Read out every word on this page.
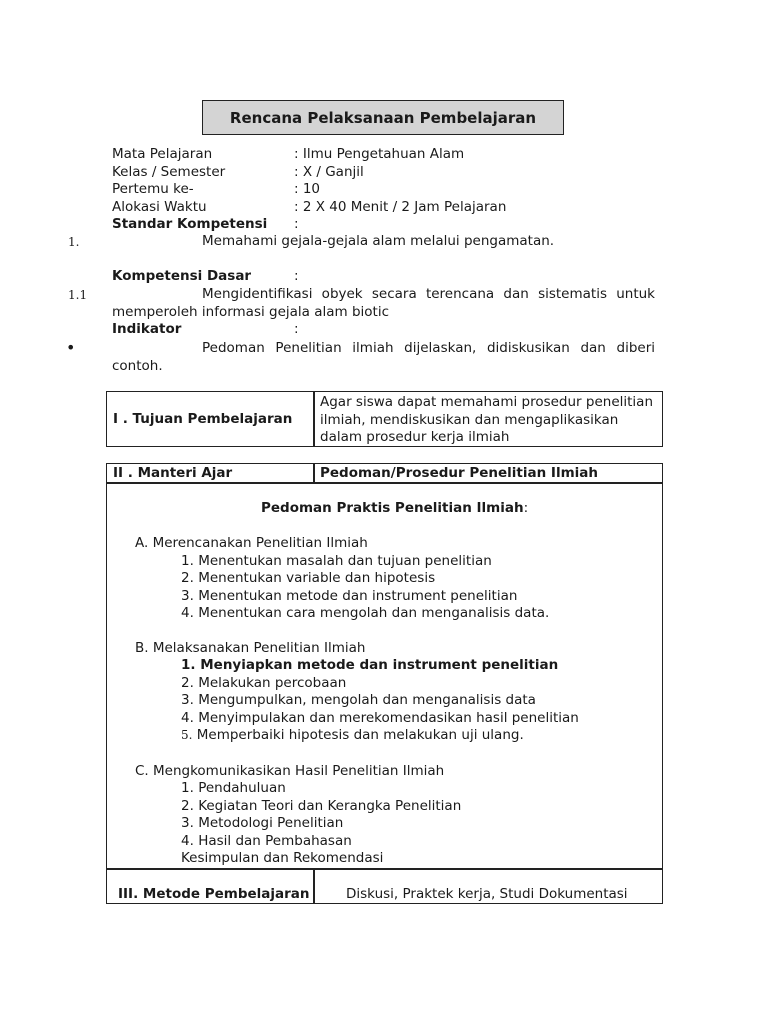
Rencana Pelaksanaan Pembelajaran
Mata Pelajaran	: Ilmu Pengetahuan Alam
Kelas / Semester	: X / Ganjil
Pertemu ke-	: 10
Alokasi Waktu	: 2 X 40 Menit / 2 Jam Pelajaran
Standar Kompetensi :
1.	Memahami gejala-gejala alam melalui pengamatan.
Kompetensi Dasar	:
1.1	Mengidentifikasi obyek secara terencana dan sistematis untuk
memperoleh informasi gejala alam biotic
Indikator	:
•	Pedoman Penelitian ilmiah dijelaskan, didiskusikan dan diberi
contoh.
I . Tujuan Pembelajaran
Agar siswa dapat memahami prosedur penelitian
ilmiah, mendiskusikan dan mengaplikasikan
dalam prosedur kerja ilmiah
II . Manteri Ajar	Pedoman/Prosedur Penelitian Ilmiah
Pedoman Praktis Penelitian Ilmiah:
A. Merencanakan Penelitian Ilmiah
1. Menentukan masalah dan tujuan penelitian
2. Menentukan variable dan hipotesis
3. Menentukan metode dan instrument penelitian
4. Menentukan cara mengolah dan menganalisis data.
B. Melaksanakan Penelitian Ilmiah
1. Menyiapkan metode dan instrument penelitian
2. Melakukan percobaan
3. Mengumpulkan, mengolah dan menganalisis data
4. Menyimpulakan dan merekomendasikan hasil penelitian
5. Memperbaiki hipotesis dan melakukan uji ulang.
C. Mengkomunikasikan Hasil Penelitian Ilmiah
1. Pendahuluan
2. Kegiatan Teori dan Kerangka Penelitian
3. Metodologi Penelitian
4. Hasil dan Pembahasan
Kesimpulan dan Rekomendasi
III. Metode Pembelajaran	Diskusi, Praktek kerja, Studi Dokumentasi
